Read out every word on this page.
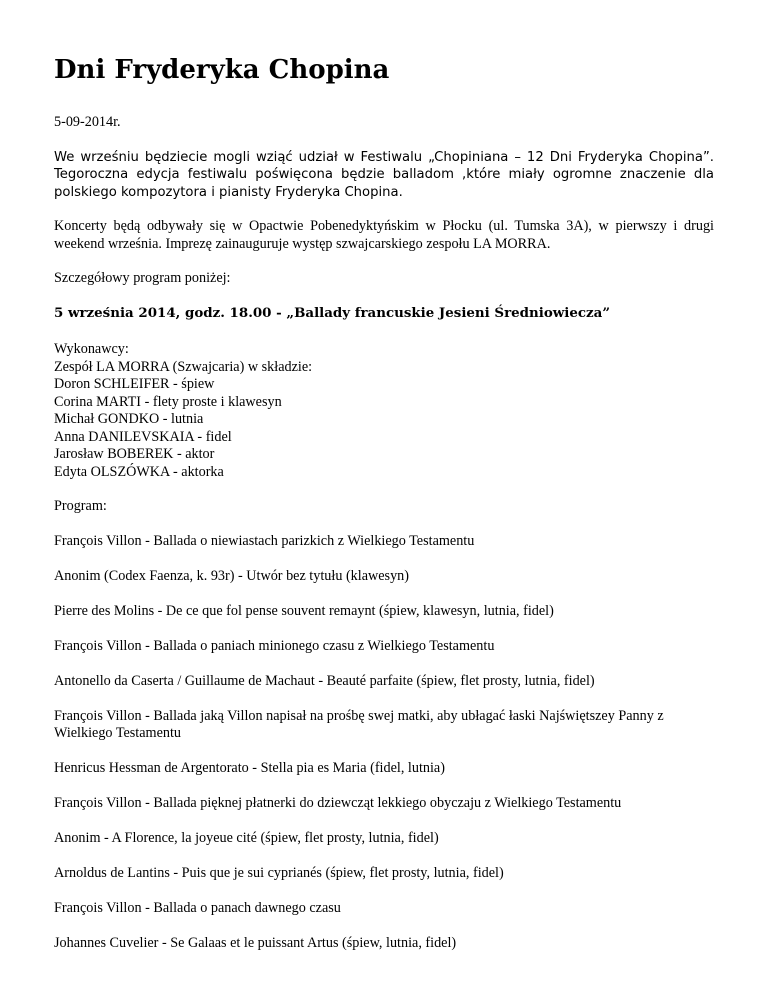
Dni Fryderyka Chopina

5-09-2014r.

We wrześniu będziecie mogli wziąć udział w Festiwalu „Chopiniana – 12 Dni Fryderyka Chopina”. Tegoroczna edycja festiwalu poświęcona będzie balladom ,które miały ogromne znaczenie dla polskiego kompozytora i pianisty Fryderyka Chopina.

Koncerty będą odbywały się w Opactwie Pobenedyktyńskim w Płocku (ul. Tumska 3A), w pierwszy i drugi weekend września. Imprezę zainauguruje występ szwajcarskiego zespołu LA MORRA.

Szczegółowy program poniżej:

5 września 2014, godz. 18.00 - „Ballady francuskie Jesieni Średniowiecza”

Wykonawcy:
Zespół LA MORRA (Szwajcaria) w składzie:
Doron SCHLEIFER - śpiew
Corina MARTI - flety proste i klawesyn
Michał GONDKO - lutnia
Anna DANILEVSKAIA - fidel
Jarosław BOBEREK - aktor
Edyta OLSZÓWKA - aktorka

Program:

François Villon - Ballada o niewiastach parizkich z Wielkiego Testamentu
Anonim (Codex Faenza, k. 93r) - Utwór bez tytułu (klawesyn)
Pierre des Molins - De ce que fol pense souvent remaynt (śpiew, klawesyn, lutnia, fidel)
François Villon - Ballada o paniach minionego czasu z Wielkiego Testamentu
Antonello da Caserta / Guillaume de Machaut - Beauté parfaite (śpiew, flet prosty, lutnia, fidel)
François Villon - Ballada jaką Villon napisał na prośbę swej matki, aby ubłagać łaski Najświętszey Panny z Wielkiego Testamentu
Henricus Hessman de Argentorato - Stella pia es Maria (fidel, lutnia)
François Villon - Ballada pięknej płatnerki do dziewcząt lekkiego obyczaju z Wielkiego Testamentu
Anonim - A Florence, la joyeue cité (śpiew, flet prosty, lutnia, fidel)
Arnoldus de Lantins - Puis que je sui cyprianés (śpiew, flet prosty, lutnia, fidel)
François Villon - Ballada o panach dawnego czasu
Johannes Cuvelier - Se Galaas et le puissant Artus (śpiew, lutnia, fidel)
